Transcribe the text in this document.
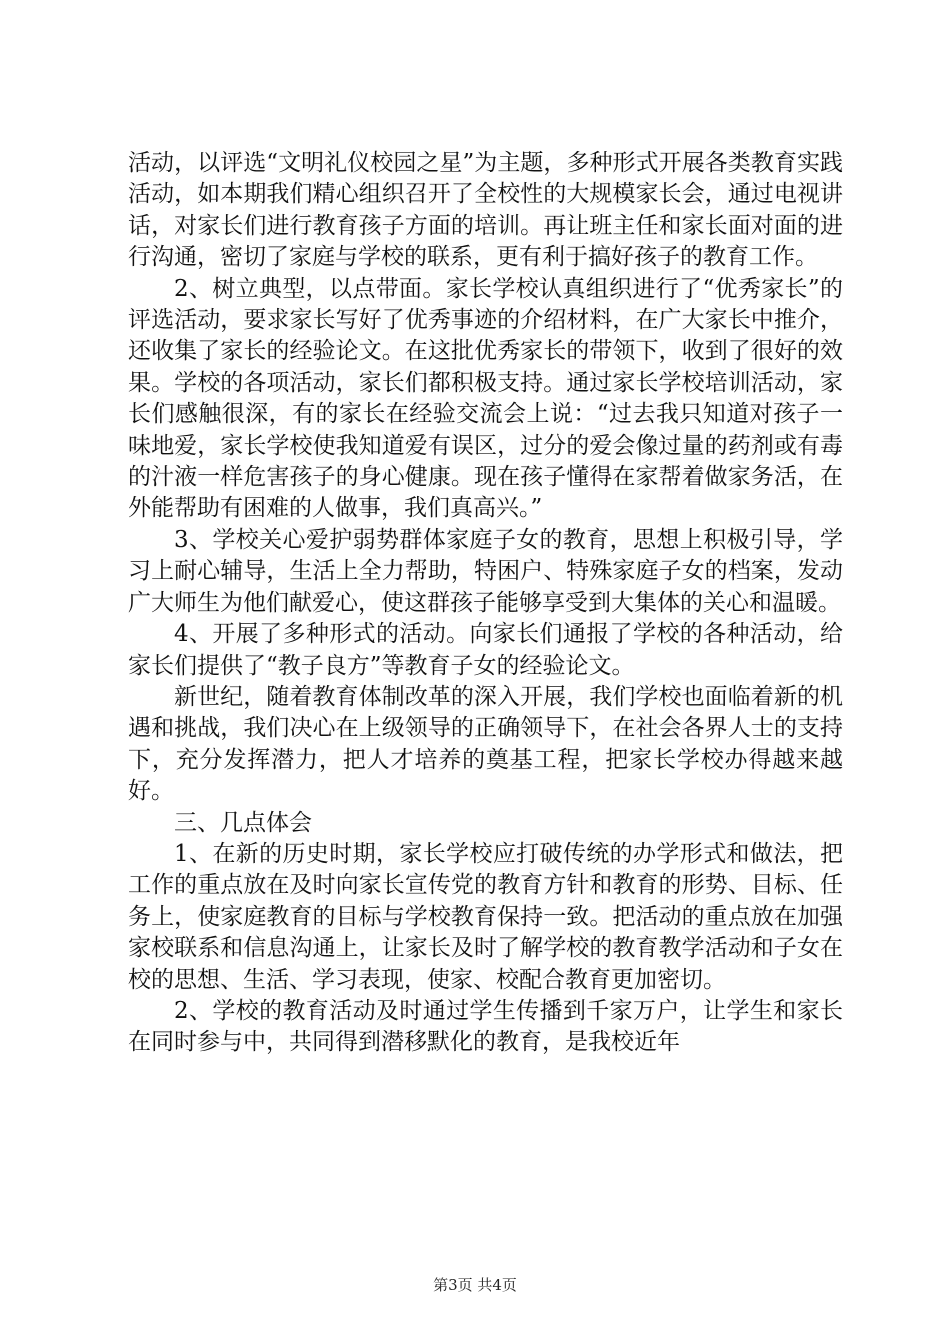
活动，以评选“文明礼仪校园之星”为主题，多种形式开展各类教育实践活动，如本期我们精心组织召开了全校性的大规模家长会，通过电视讲话，对家长们进行教育孩子方面的培训。再让班主任和家长面对面的进行沟通，密切了家庭与学校的联系，更有利于搞好孩子的教育工作。

2、树立典型，以点带面。家长学校认真组织进行了“优秀家长”的评选活动，要求家长写好了优秀事迹的介绍材料，在广大家长中推介，还收集了家长的经验论文。在这批优秀家长的带领下，收到了很好的效果。学校的各项活动，家长们都积极支持。通过家长学校培训活动，家长们感触很深，有的家长在经验交流会上说：“过去我只知道对孩子一味地爱，家长学校使我知道爱有误区，过分的爱会像过量的药剂或有毒的汁液一样危害孩子的身心健康。现在孩子懂得在家帮着做家务活，在外能帮助有困难的人做事，我们真高兴。”

3、学校关心爱护弱势群体家庭子女的教育，思想上积极引导，学习上耐心辅导，生活上全力帮助，特困户、特殊家庭子女的档案，发动广大师生为他们献爱心，使这群孩子能够享受到大集体的关心和温暖。

4、开展了多种形式的活动。向家长们通报了学校的各种活动，给家长们提供了“教子良方”等教育子女的经验论文。

新世纪，随着教育体制改革的深入开展，我们学校也面临着新的机遇和挑战，我们决心在上级领导的正确领导下，在社会各界人士的支持下，充分发挥潜力，把人才培养的奠基工程，把家长学校办得越来越好。

三、几点体会

1、在新的历史时期，家长学校应打破传统的办学形式和做法，把工作的重点放在及时向家长宣传党的教育方针和教育的形势、目标、任务上，使家庭教育的目标与学校教育保持一致。把活动的重点放在加强家校联系和信息沟通上，让家长及时了解学校的教育教学活动和子女在校的思想、生活、学习表现，使家、校配合教育更加密切。

2、学校的教育活动及时通过学生传播到千家万户，让学生和家长在同时参与中，共同得到潜移默化的教育，是我校近年

第3页 共4页
